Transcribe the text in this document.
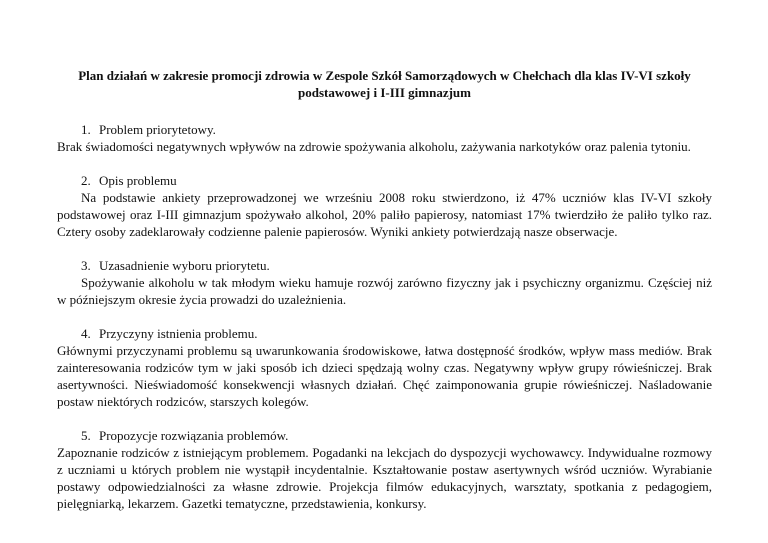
Plan działań w zakresie promocji zdrowia w Zespole Szkół Samorządowych w Chełchach dla klas IV-VI szkoły podstawowej i I-III gimnazjum
1. Problem priorytetowy.

Brak świadomości negatywnych wpływów na zdrowie spożywania alkoholu, zażywania narkotyków oraz palenia tytoniu.

2. Opis problemu

Na podstawie ankiety przeprowadzonej we wrześniu 2008 roku stwierdzono, iż 47% uczniów klas IV-VI szkoły podstawowej oraz I-III gimnazjum spożywało alkohol, 20% paliło papierosy, natomiast 17% twierdziło że paliło tylko raz. Cztery osoby zadeklarowały codzienne palenie papierosów. Wyniki ankiety potwierdzają nasze obserwacje.

3. Uzasadnienie wyboru priorytetu.

Spożywanie alkoholu w tak młodym wieku hamuje rozwój zarówno fizyczny jak i psychiczny organizmu. Częściej niż w późniejszym okresie życia prowadzi do uzależnienia.

4. Przyczyny istnienia problemu.

Głównymi przyczynami problemu są uwarunkowania środowiskowe, łatwa dostępność środków, wpływ mass mediów. Brak zainteresowania rodziców tym w jaki sposób ich dzieci spędzają wolny czas. Negatywny wpływ grupy rówieśniczej. Brak asertywności. Nieświadomość konsekwencji własnych działań. Chęć zaimponowania grupie rówieśniczej. Naśladowanie postaw niektórych rodziców, starszych kolegów.

5. Propozycje rozwiązania problemów.

Zapoznanie rodziców z istniejącym problemem. Pogadanki na lekcjach do dyspozycji wychowawcy. Indywidualne rozmowy z uczniami u których problem nie wystąpił incydentalnie. Kształtowanie postaw asertywnych wśród uczniów. Wyrabianie postawy odpowiedzialności za własne zdrowie. Projekcja filmów edukacyjnych, warsztaty, spotkania z pedagogiem, pielęgniarką, lekarzem. Gazetki tematyczne, przedstawienia, konkursy.
